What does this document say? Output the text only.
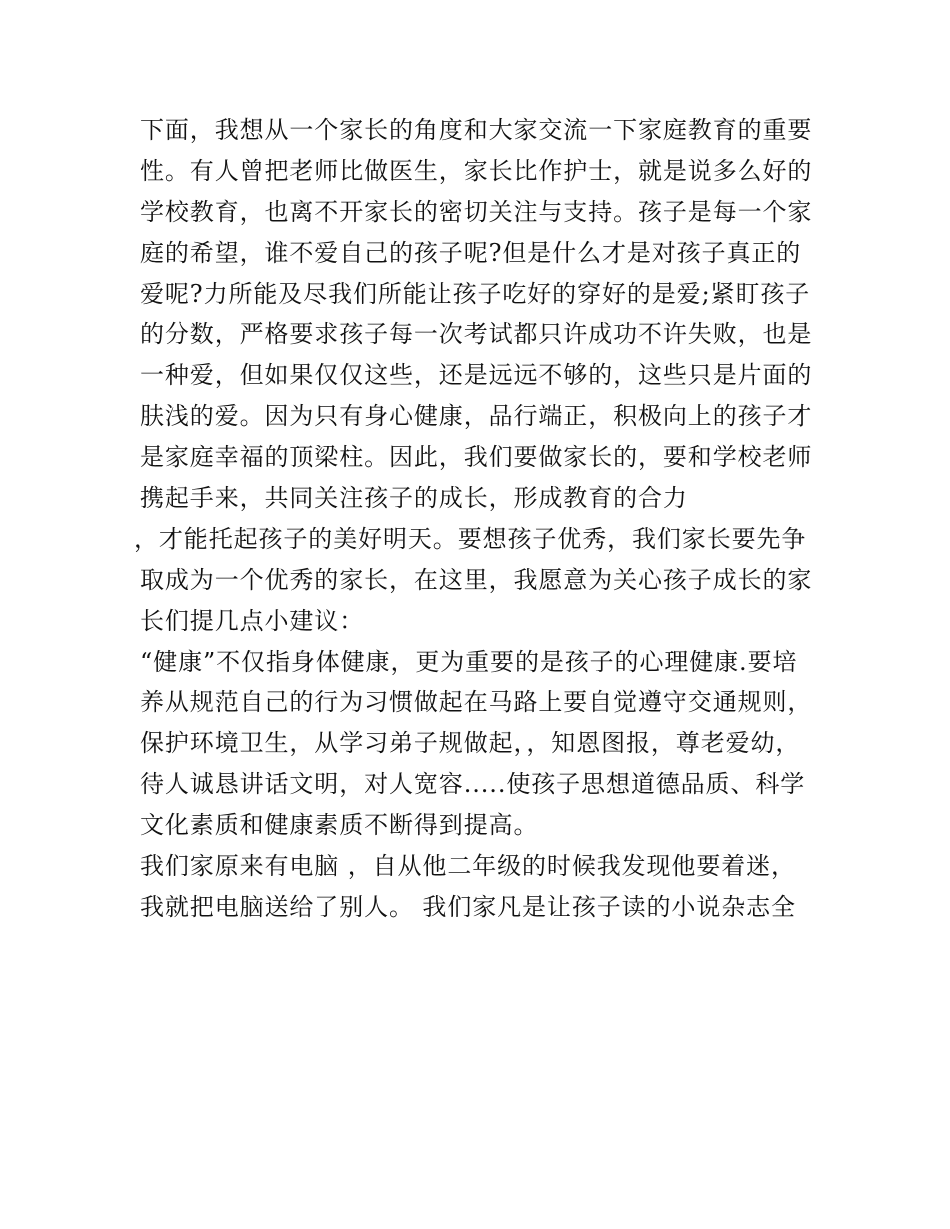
下面，我想从一个家长的角度和大家交流一下家庭教育的重要
性。有人曾把老师比做医生，家长比作护士，就是说多么好的
学校教育，也离不开家长的密切关注与支持。孩子是每一个家
庭的希望，谁不爱自己的孩子呢?但是什么才是对孩子真正的
爱呢?力所能及尽我们所能让孩子吃好的穿好的是爱;紧盯孩子
的分数，严格要求孩子每一次考试都只许成功不许失败，也是
一种爱，但如果仅仅这些，还是远远不够的，这些只是片面的
肤浅的爱。因为只有身心健康，品行端正，积极向上的孩子才
是家庭幸福的顶梁柱。因此，我们要做家长的，要和学校老师
携起手来，共同关注孩子的成长，形成教育的合力
，才能托起孩子的美好明天。要想孩子优秀，我们家长要先争
取成为一个优秀的家长，在这里，我愿意为关心孩子成长的家
长们提几点小建议：
“健康”不仅指身体健康，更为重要的是孩子的心理健康.要培
养从规范自己的行为习惯做起在马路上要自觉遵守交通规则，
保护环境卫生，从学习弟子规做起，，知恩图报，尊老爱幼，
待人诚恳讲话文明，对人宽容.....使孩子思想道德品质、科学
文化素质和健康素质不断得到提高。
我们家原来有电脑 ，自从他二年级的时候我发现他要着迷，
我就把电脑送给了别人。 我们家凡是让孩子读的小说杂志全
